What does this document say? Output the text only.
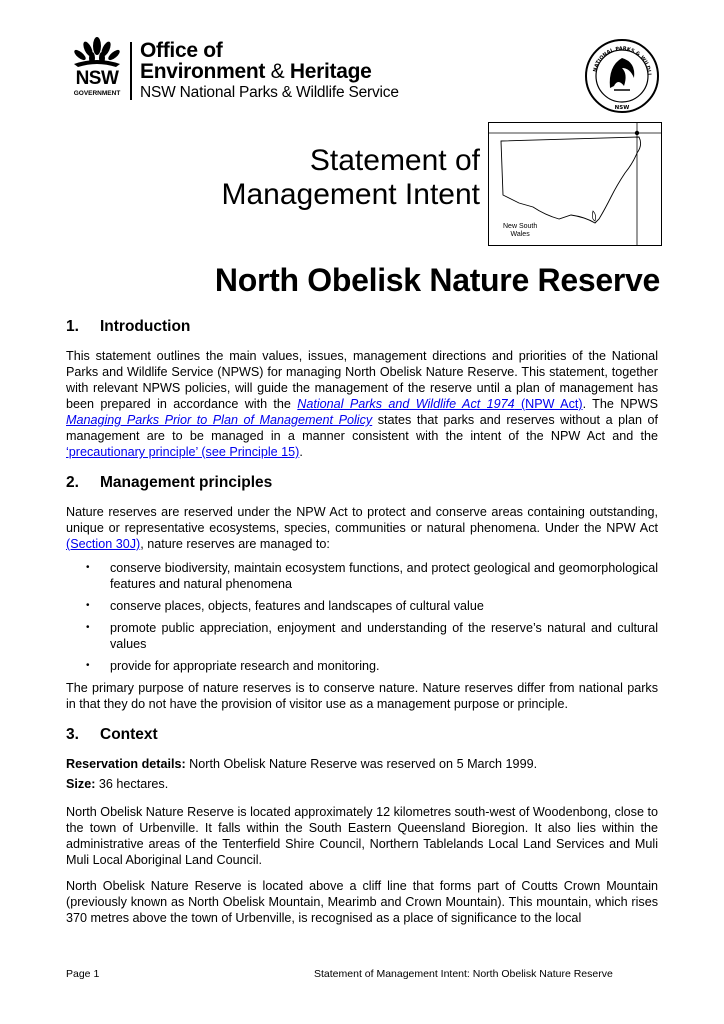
NSW
GOVERNMENT
Office of
Environment & Heritage
NSW National Parks & Wildlife Service
NATIONAL PARKS & WILDLI
NSW
Statement of
Management Intent
New South
Wales
North Obelisk Nature Reserve
1. Introduction

This statement outlines the main values, issues, management directions and priorities of the National Parks and Wildlife Service (NPWS) for managing North Obelisk Nature Reserve. This statement, together with relevant NPWS policies, will guide the management of the reserve until a plan of management has been prepared in accordance with the National Parks and Wildlife Act 1974 (NPW Act). The NPWS Managing Parks Prior to Plan of Management Policy states that parks and reserves without a plan of management are to be managed in a manner consistent with the intent of the NPW Act and the ‘precautionary principle’ (see Principle 15).

2. Management principles

Nature reserves are reserved under the NPW Act to protect and conserve areas containing outstanding, unique or representative ecosystems, species, communities or natural phenomena. Under the NPW Act (Section 30J), nature reserves are managed to:

• conserve biodiversity, maintain ecosystem functions, and protect geological and geomorphological features and natural phenomena
• conserve places, objects, features and landscapes of cultural value
• promote public appreciation, enjoyment and understanding of the reserve’s natural and cultural values
• provide for appropriate research and monitoring.

The primary purpose of nature reserves is to conserve nature. Nature reserves differ from national parks in that they do not have the provision of visitor use as a management purpose or principle.

3. Context

Reservation details: North Obelisk Nature Reserve was reserved on 5 March 1999.

Size: 36 hectares.

North Obelisk Nature Reserve is located approximately 12 kilometres south-west of Woodenbong, close to the town of Urbenville. It falls within the South Eastern Queensland Bioregion. It also lies within the administrative areas of the Tenterfield Shire Council, Northern Tablelands Local Land Services and Muli Muli Local Aboriginal Land Council.

North Obelisk Nature Reserve is located above a cliff line that forms part of Coutts Crown Mountain (previously known as North Obelisk Mountain, Mearimb and Crown Mountain). This mountain, which rises 370 metres above the town of Urbenville, is recognised as a place of significance to the local

Page 1	Statement of Management Intent: North Obelisk Nature Reserve
